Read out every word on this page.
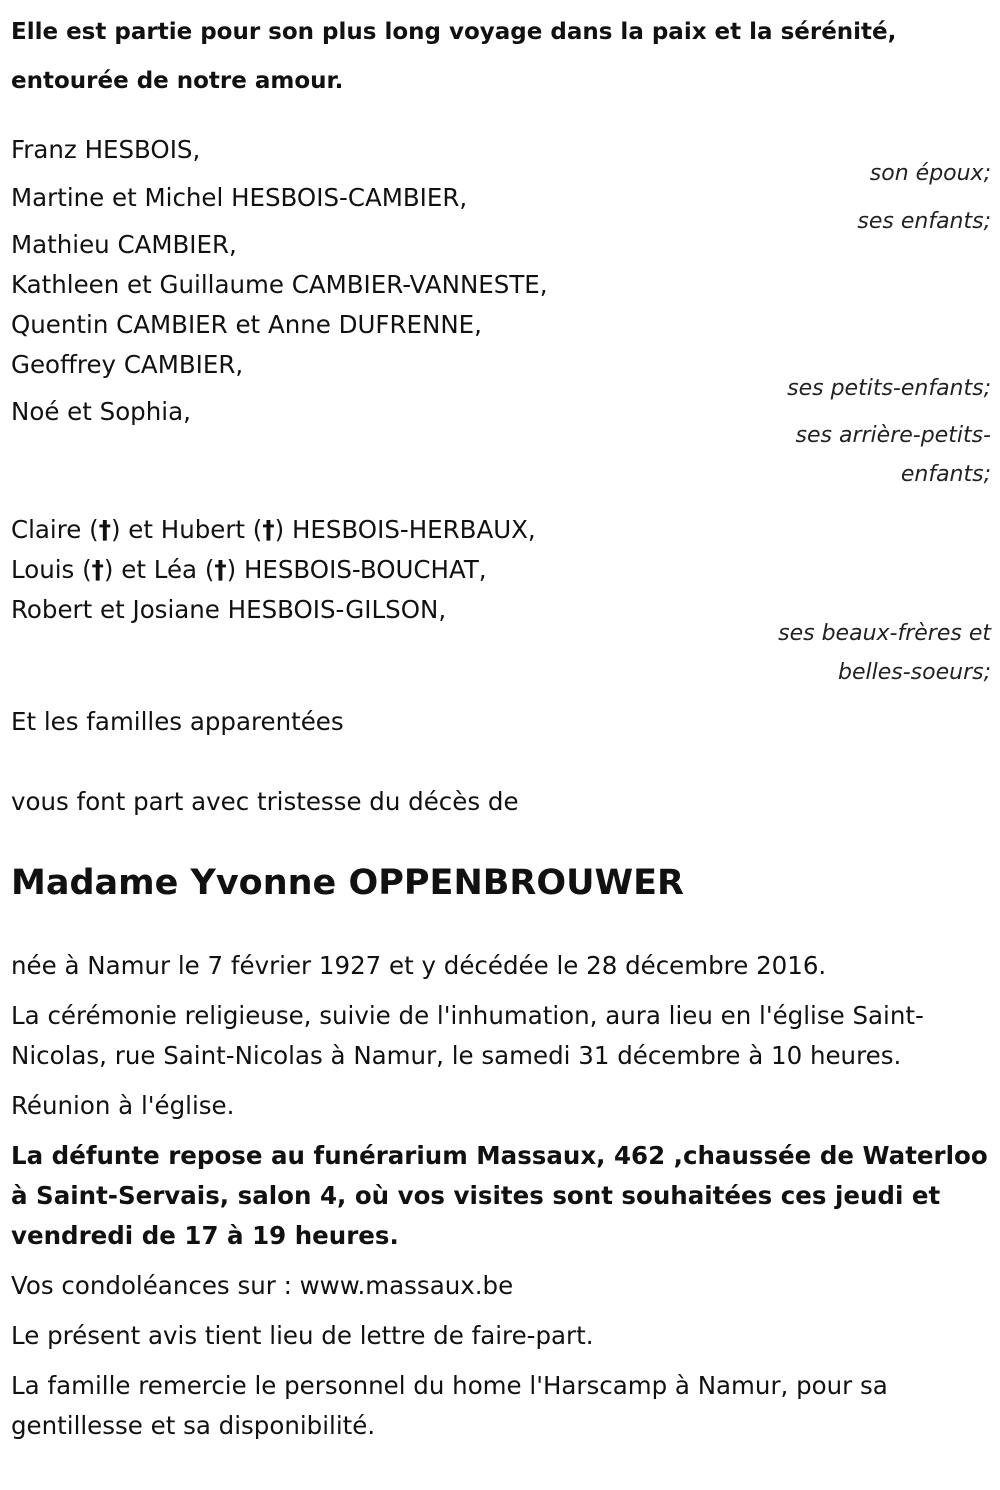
Elle est partie pour son plus long voyage dans la paix et la sérénité,
entourée de notre amour.
Franz HESBOIS,
son époux;
Martine et Michel HESBOIS-CAMBIER,
ses enfants;
Mathieu CAMBIER,
Kathleen et Guillaume CAMBIER-VANNESTE,
Quentin CAMBIER et Anne DUFRENNE,
Geoffrey CAMBIER,
ses petits-enfants;
Noé et Sophia,
ses arrière-petits-
enfants;
Claire (†) et Hubert (†) HESBOIS-HERBAUX,
Louis (†) et Léa (†) HESBOIS-BOUCHAT,
Robert et Josiane HESBOIS-GILSON,
ses beaux-frères et
belles-soeurs;
Et les familles apparentées
vous font part avec tristesse du décès de
Madame Yvonne OPPENBROUWER
née à Namur le 7 février 1927 et y décédée le 28 décembre 2016.
La cérémonie religieuse, suivie de l'inhumation, aura lieu en l'église Saint-
Nicolas, rue Saint-Nicolas à Namur, le samedi 31 décembre à 10 heures.
Réunion à l'église.
La défunte repose au funérarium Massaux, 462 ,chaussée de Waterloo
à Saint-Servais, salon 4, où vos visites sont souhaitées ces jeudi et
vendredi de 17 à 19 heures.
Vos condoléances sur : www.massaux.be
Le présent avis tient lieu de lettre de faire-part.
La famille remercie le personnel du home l'Harscamp à Namur, pour sa
gentillesse et sa disponibilité.
